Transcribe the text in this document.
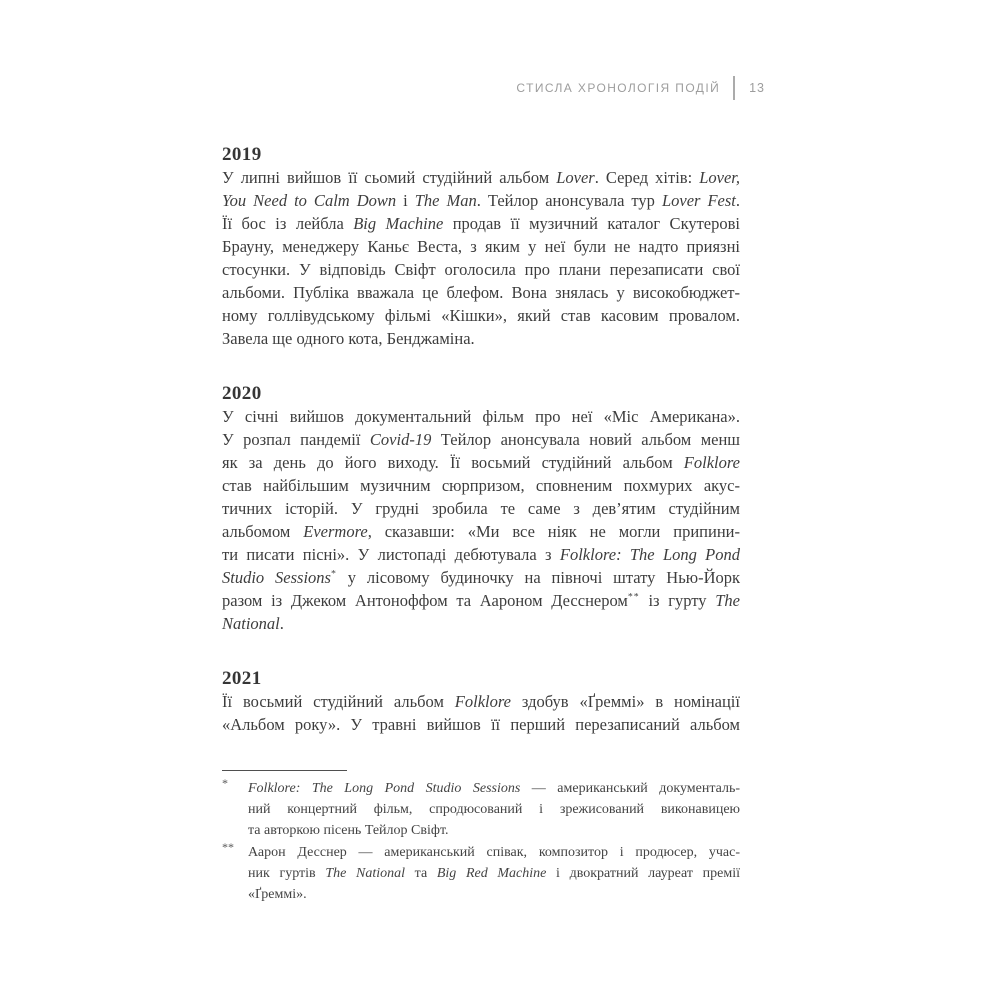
СТИСЛА ХРОНОЛОГІЯ ПОДІЙ 13
2019
У липні вийшов її сьомий студійний альбом Lover. Серед хітів: Lover,
You Need to Calm Down і The Man. Тейлор анонсувала тур Lover Fest.
Її бос із лейбла Big Machine продав її музичний каталог Скутерові
Брауну, менеджеру Каньє Веста, з яким у неї були не надто приязні
стосунки. У відповідь Свіфт оголосила про плани перезаписати свої
альбоми. Публіка вважала це блефом. Вона знялась у високобюджет-
ному голлівудському фільмі «Кішки», який став касовим провалом.
Завела ще одного кота, Бенджаміна.
2020
У січні вийшов документальний фільм про неї «Міс Американа».
У розпал пандемії Covid-19 Тейлор анонсувала новий альбом менш
як за день до його виходу. Її восьмий студійний альбом Folklore
став найбільшим музичним сюрпризом, сповненим похмурих акус-
тичних історій. У грудні зробила те саме з дев’ятим студійним
альбомом Evermore, сказавши: «Ми все ніяк не могли припини-
ти писати пісні». У листопаді дебютувала з Folklore: The Long Pond
Studio Sessions* у лісовому будиночку на півночі штату Нью-Йорк
разом із Джеком Антоноффом та Аароном Десснером** із гурту The
National.
2021
Її восьмий студійний альбом Folklore здобув «Ґреммі» в номінації
«Альбом року». У травні вийшов її перший перезаписаний альбом
*	Folklore: The Long Pond Studio Sessions — американський документаль-
ний концертний фільм, спродюсований і зрежисований виконавицею
та авторкою пісень Тейлор Свіфт.
**	Аарон Десснер — американський співак, композитор і продюсер, учас-
ник гуртів The National та Big Red Machine і двократний лауреат премії
«Ґреммі».
